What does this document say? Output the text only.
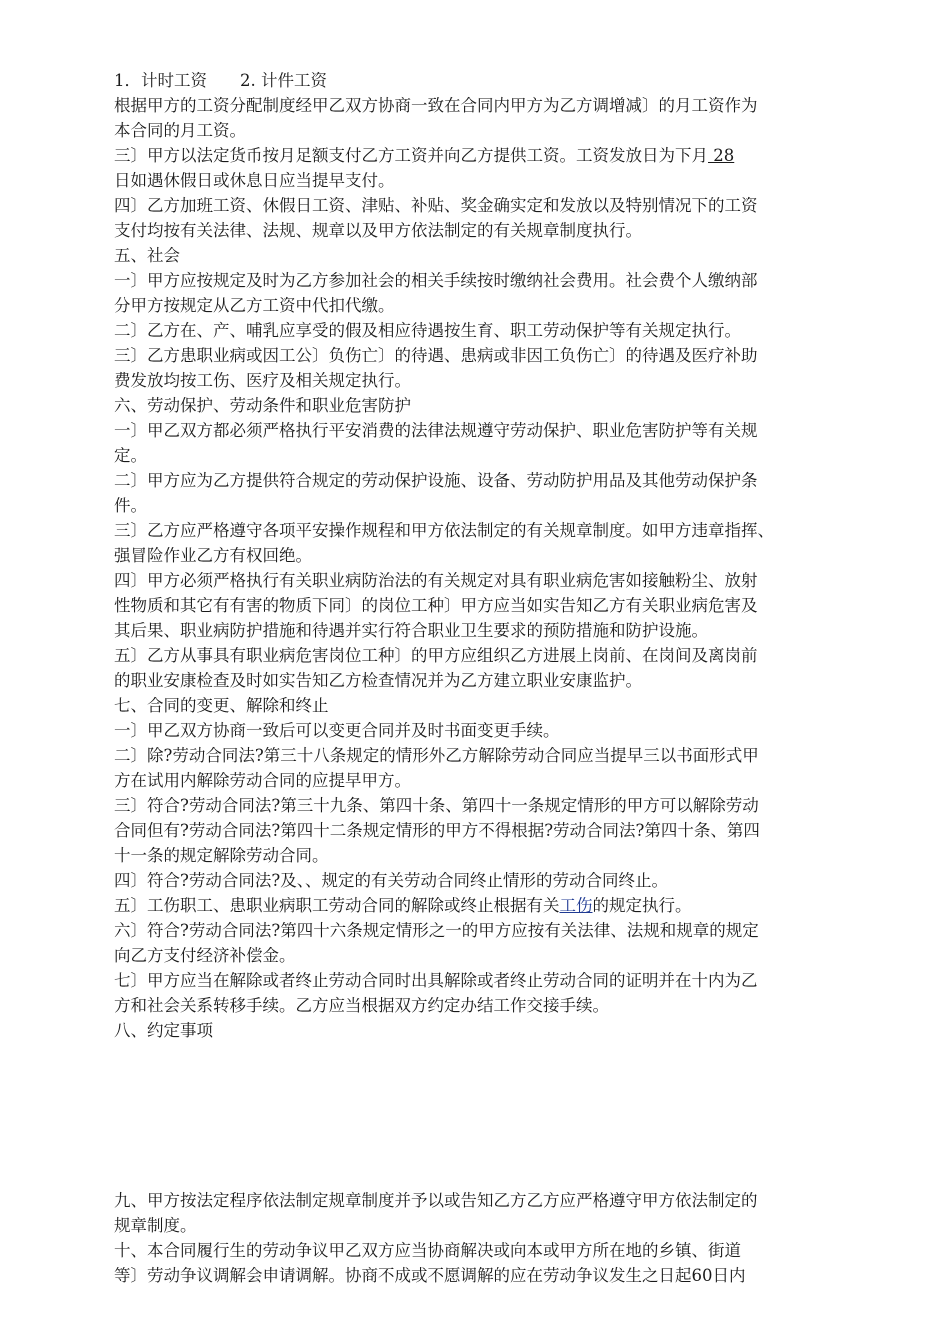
1．计时工资　　2. 计件工资
根据甲方的工资分配制度经甲乙双方协商一致在合同内甲方为乙方调增减〕的月工资作为
本合同的月工资。
三〕甲方以法定货币按月足额支付乙方工资并向乙方提供工资。工资发放日为下月 28
日如遇休假日或休息日应当提早支付。
四〕乙方加班工资、休假日工资、津贴、补贴、奖金确实定和发放以及特别情况下的工资
支付均按有关法律、法规、规章以及甲方依法制定的有关规章制度执行。
五、社会
一〕甲方应按规定及时为乙方参加社会的相关手续按时缴纳社会费用。社会费个人缴纳部
分甲方按规定从乙方工资中代扣代缴。
二〕乙方在、产、哺乳应享受的假及相应待遇按生育、职工劳动保护等有关规定执行。
三〕乙方患职业病或因工公〕负伤亡〕的待遇、患病或非因工负伤亡〕的待遇及医疗补助
费发放均按工伤、医疗及相关规定执行。
六、劳动保护、劳动条件和职业危害防护
一〕甲乙双方都必须严格执行平安消费的法律法规遵守劳动保护、职业危害防护等有关规
定。
二〕甲方应为乙方提供符合规定的劳动保护设施、设备、劳动防护用品及其他劳动保护条
件。
三〕乙方应严格遵守各项平安操作规程和甲方依法制定的有关规章制度。如甲方违章指挥、
强冒险作业乙方有权回绝。
四〕甲方必须严格执行有关职业病防治法的有关规定对具有职业病危害如接触粉尘、放射
性物质和其它有有害的物质下同〕的岗位工种〕甲方应当如实告知乙方有关职业病危害及
其后果、职业病防护措施和待遇并实行符合职业卫生要求的预防措施和防护设施。
五〕乙方从事具有职业病危害岗位工种〕的甲方应组织乙方进展上岗前、在岗间及离岗前
的职业安康检查及时如实告知乙方检查情况并为乙方建立职业安康监护。
七、合同的变更、解除和终止
一〕甲乙双方协商一致后可以变更合同并及时书面变更手续。
二〕除?劳动合同法?第三十八条规定的情形外乙方解除劳动合同应当提早三以书面形式甲
方在试用内解除劳动合同的应提早甲方。
三〕符合?劳动合同法?第三十九条、第四十条、第四十一条规定情形的甲方可以解除劳动
合同但有?劳动合同法?第四十二条规定情形的甲方不得根据?劳动合同法?第四十条、第四
十一条的规定解除劳动合同。
四〕符合?劳动合同法?及、、规定的有关劳动合同终止情形的劳动合同终止。
五〕工伤职工、患职业病职工劳动合同的解除或终止根据有关工伤的规定执行。
六〕符合?劳动合同法?第四十六条规定情形之一的甲方应按有关法律、法规和规章的规定
向乙方支付经济补偿金。
七〕甲方应当在解除或者终止劳动合同时出具解除或者终止劳动合同的证明并在十内为乙
方和社会关系转移手续。乙方应当根据双方约定办结工作交接手续。
八、约定事项
九、甲方按法定程序依法制定规章制度并予以或告知乙方乙方应严格遵守甲方依法制定的
规章制度。
十、本合同履行生的劳动争议甲乙双方应当协商解决或向本或甲方所在地的乡镇、街道
等〕劳动争议调解会申请调解。协商不成或不愿调解的应在劳动争议发生之日起60日内
